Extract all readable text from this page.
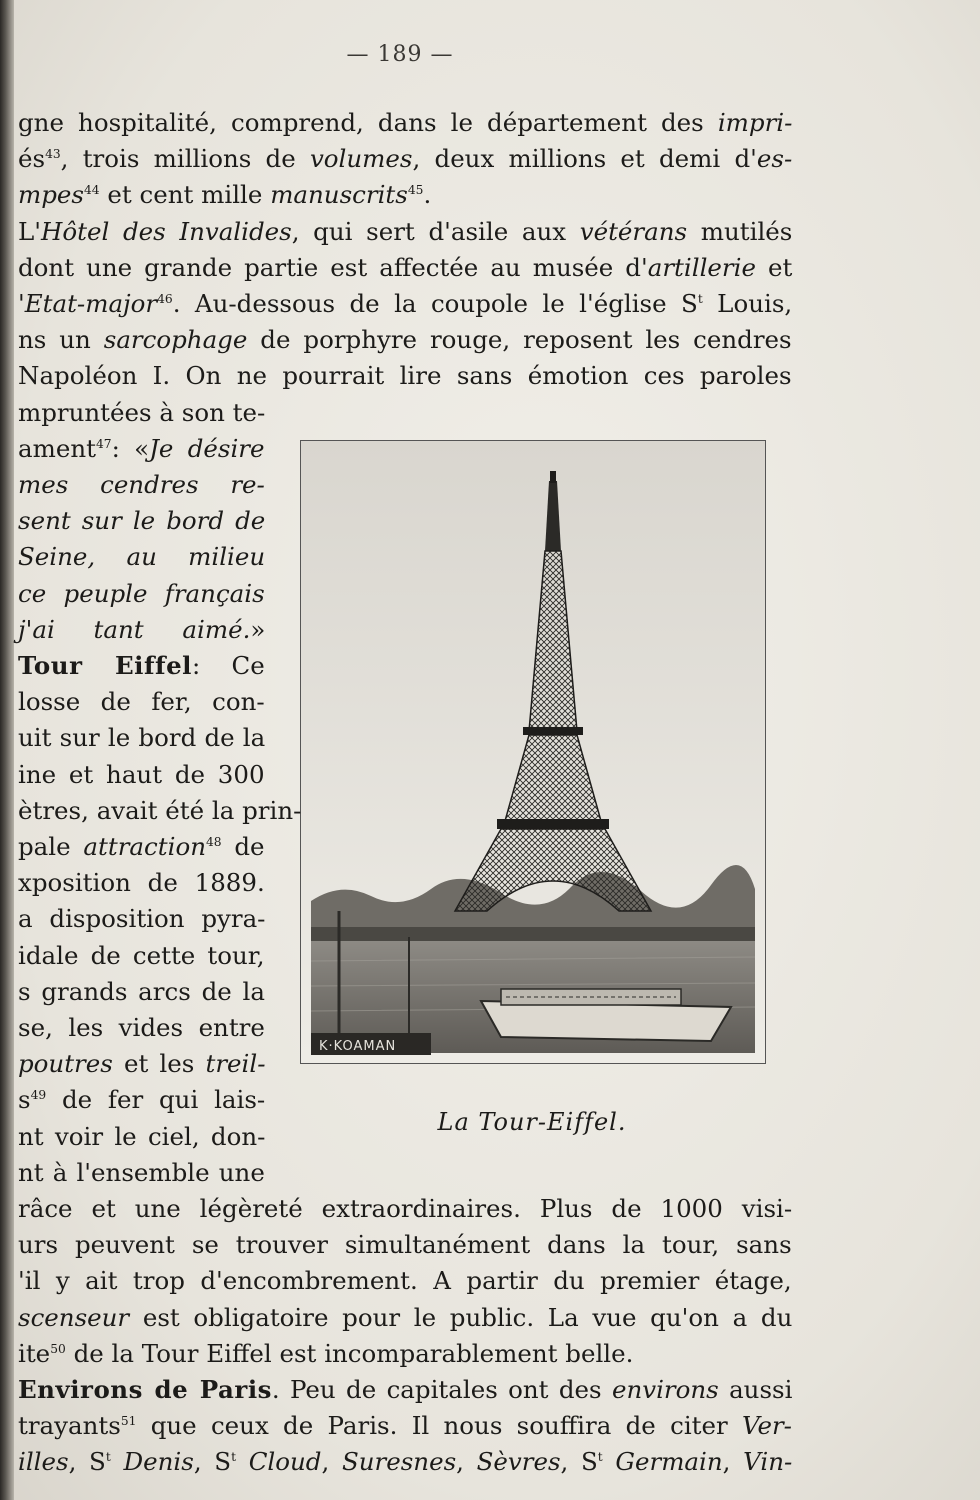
— 189 —
K·KOAMAN
La Tour-Eiffel.
gne hospitalité, comprend, dans le département des impri-
$és^{43}$, trois millions de volumes, deux millions et demi d'es-
mpes$^{44}$ et cent mille manuscrits$^{45}$.
L'Hôtel des Invalides, qui sert d'asile aux vétérans mutilés
dont une grande partie est affectée au musée d'artillerie et
'Etat-major$^{46}$. Au-dessous de la coupole le l'église $S^t$ Louis,
ns un sarcophage de porphyre rouge, reposent les cendres
Napoléon I. On ne pourrait lire sans émotion ces paroles
mpruntées à son te-
ament$^{47}$: «Je désire
mes cendres re-
sent sur le bord de
Seine, au milieu
ce peuple français
j'ai tant aimé.»
Tour Eiffel: Ce
losse de fer, con-
uit sur le bord de la
ine et haut de 300
ètres, avait été la prin-
pale attraction$^{48}$ de
xposition de 1889.
a disposition pyra-
idale de cette tour,
s grands arcs de la
se, les vides entre
poutres et les treil-
$s^{49}$ de fer qui lais-
nt voir le ciel, don-
nt à l'ensemble une
râce et une légèreté extraordinaires. Plus de 1000 visi-
urs peuvent se trouver simultanément dans la tour, sans
'il y ait trop d'encombrement. A partir du premier étage,
scenseur est obligatoire pour le public. La vue qu'on a du
ite$^{50}$ de la Tour Eiffel est incomparablement belle.
Environs de Paris. Peu de capitales ont des environs aussi
trayants$^{51}$ que ceux de Paris. Il nous souffira de citer Ver-
illes, $S^t$ Denis, $S^t$ Cloud, Suresnes, Sèvres, $S^t$ Germain, Vin-
